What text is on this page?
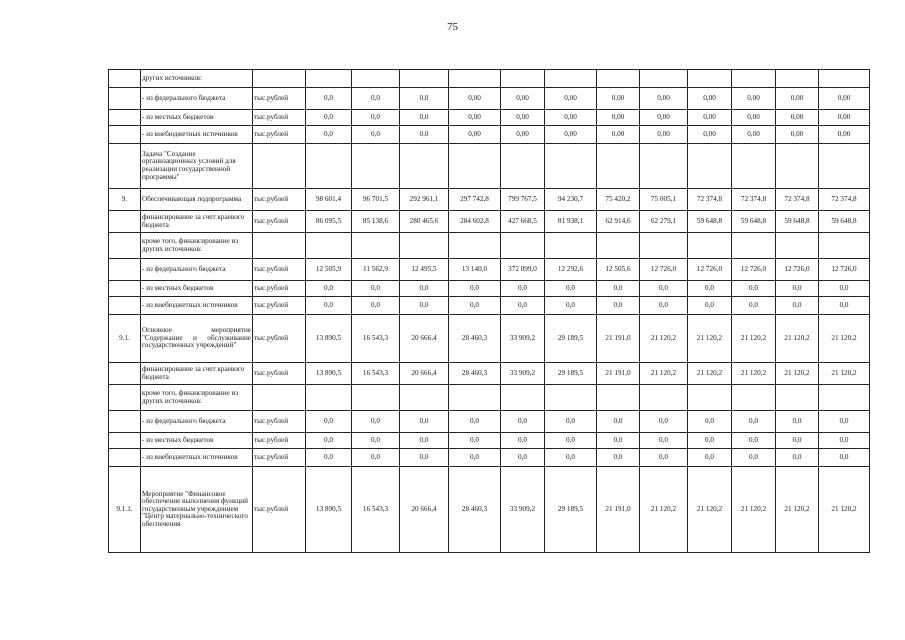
75
	других источников:													
	- из федерального бюджета	тыс.рублей	0,0	0,0	0,0	0,00	0,00	0,00	0,00	0,00	0,00	0,00	0,00	0,00
	- из местных бюджетов	тыс.рублей	0,0	0,0	0,0	0,00	0,00	0,00	0,00	0,00	0,00	0,00	0,00	0,00
	- из внебюджетных источников	тыс.рублей	0,0	0,0	0,0	0,00	0,00	0,00	0,00	0,00	0,00	0,00	0,00	0,00
	Задача "Создание организационных условий для реализации государственной программы"													
9.	Обеспечивающая подпрограмма	тыс.рублей	98 601,4	96 701,5	292 961,1	297 742,8	799 767,5	94 230,7	75 420,2	75 005,1	72 374,8	72 374,8	72 374,8	72 374,8
	финансирование за счет краевого бюджета	тыс.рублей	86 095,5	85 138,6	280 465,6	284 602,8	427 668,5	81 938,1	62 914,6	62 279,1	59 648,8	59 648,8	59 648,8	59 648,8
	кроме того, финансирование из других источников:													
	- из федерального бюджета	тыс.рублей	12 505,9	11 562,9	12 495,5	13 140,0	372 099,0	12 292,6	12 505,6	12 726,0	12 726,0	12 726,0	12 726,0	12 726,0
	- из местных бюджетов	тыс.рублей	0,0	0,0	0,0	0,0	0,0	0,0	0,0	0,0	0,0	0,0	0,0	0,0
	- из внебюджетных источников	тыс.рублей	0,0	0,0	0,0	0,0	0,0	0,0	0,0	0,0	0,0	0,0	0,0	0,0
9.1.	Основное мероприятие "Содержание и обслуживание государственных учреждений"	тыс.рублей	13 890,5	16 543,3	20 666,4	28 460,3	33 909,2	29 189,5	21 191,0	21 120,2	21 120,2	21 120,2	21 120,2	21 120,2
	финансирование за счет краевого бюджета	тыс.рублей	13 890,5	16 543,3	20 666,4	28 460,3	33 909,2	29 189,5	21 191,0	21 120,2	21 120,2	21 120,2	21 120,2	21 120,2
	кроме того, финансирование из других источников:													
	- из федерального бюджета	тыс.рублей	0,0	0,0	0,0	0,0	0,0	0,0	0,0	0,0	0,0	0,0	0,0	0,0
	- из местных бюджетов	тыс.рублей	0,0	0,0	0,0	0,0	0,0	0,0	0,0	0,0	0,0	0,0	0,0	0,0
	- из внебюджетных источников	тыс.рублей	0,0	0,0	0,0	0,0	0,0	0,0	0,0	0,0	0,0	0,0	0,0	0,0
9.1.1.	Мероприятие "Финансовое обеспечение выполнения функций государственным учреждением "Центр материально-технического обеспечения	тыс.рублей	13 890,5	16 543,3	20 666,4	28 460,3	33 909,2	29 189,5	21 191,0	21 120,2	21 120,2	21 120,2	21 120,2	21 120,2
